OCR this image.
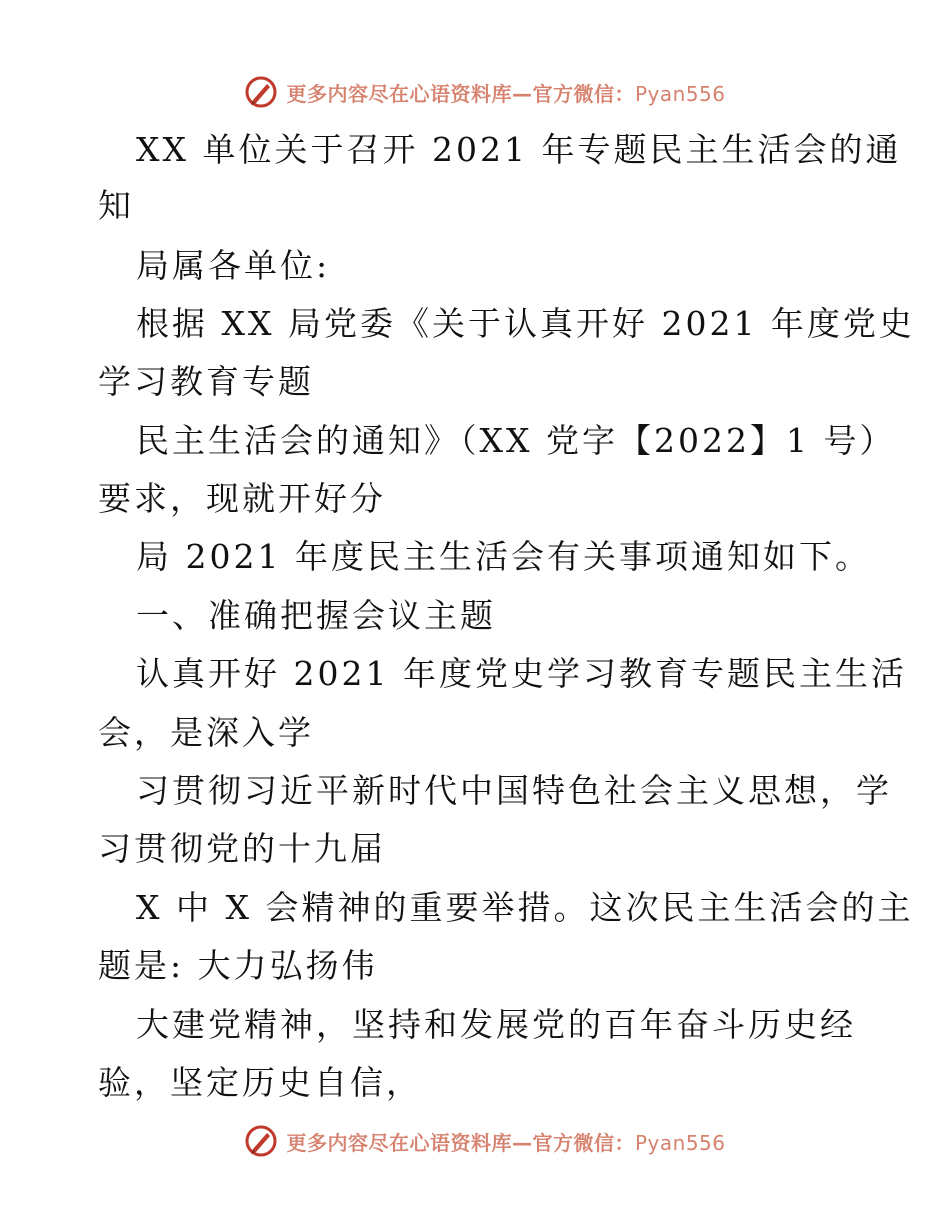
更多内容尽在心语资料库—官方微信：Pyan556
XX 单位关于召开 2021 年专题民主生活会的通
知
局属各单位:
根据 XX 局党委《关于认真开好 2021 年度党史
学习教育专题
民主生活会的通知》（XX 党字【2022】1 号）
要求，现就开好分
局 2021 年度民主生活会有关事项通知如下。
一、准确把握会议主题
认真开好 2021 年度党史学习教育专题民主生活
会，是深入学
习贯彻习近平新时代中国特色社会主义思想，学
习贯彻党的十九届
X 中 X 会精神的重要举措。这次民主生活会的主
题是: 大力弘扬伟
大建党精神，坚持和发展党的百年奋斗历史经
验，坚定历史自信，
更多内容尽在心语资料库—官方微信：Pyan556
